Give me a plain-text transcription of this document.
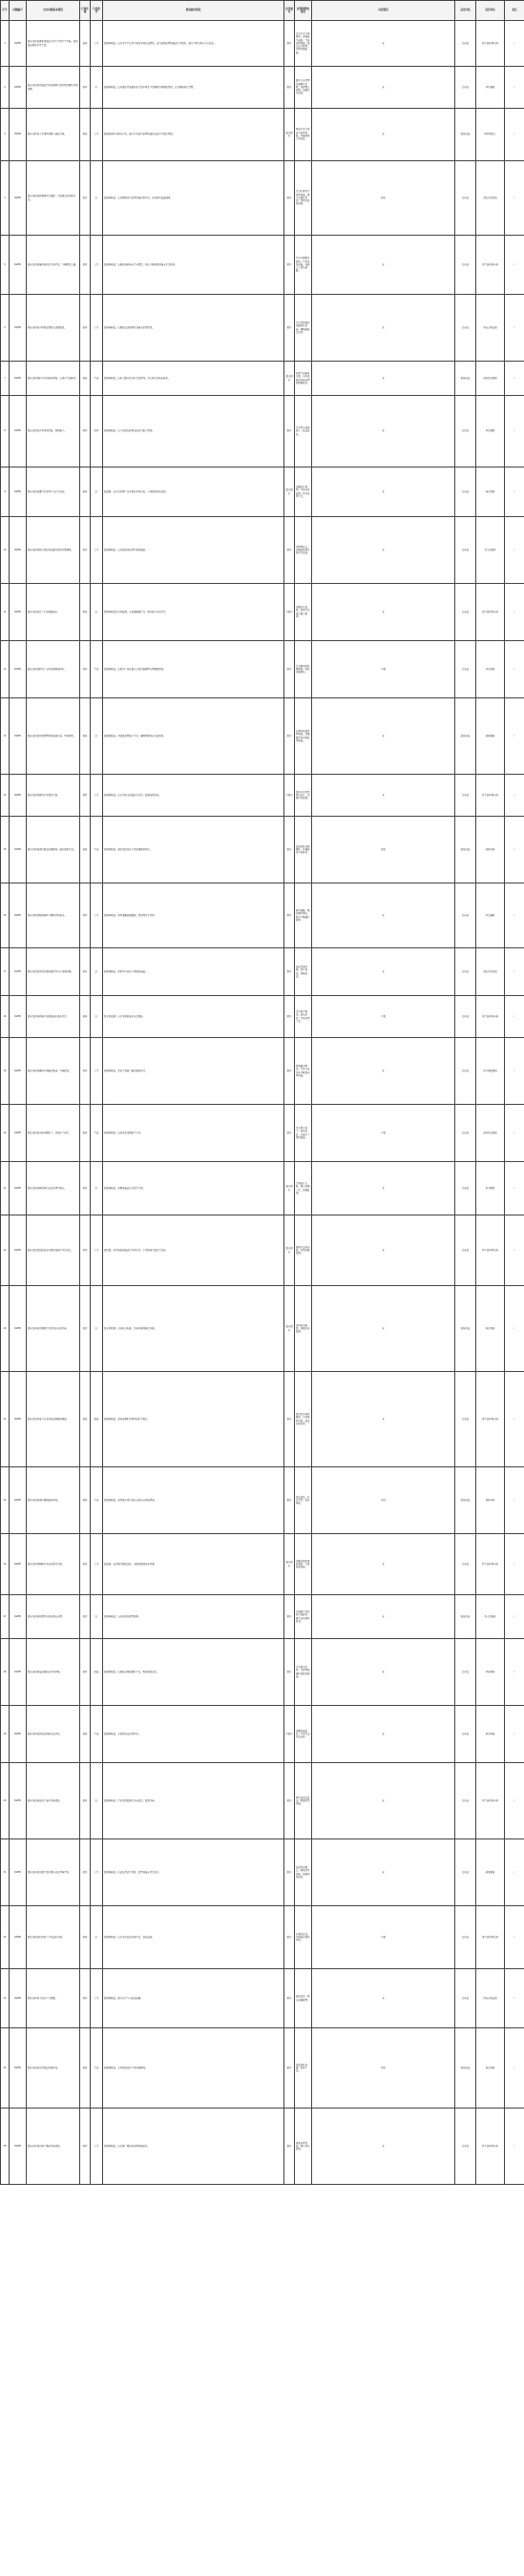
序号	问题编号	交办问题基本情况	行政区域	污染类型	调查核实情况	是否属实	处理和整改情况	问责情况	是否办结	责任单位	备注
1	D2HB	群众反映某镇某村附近企业生产时产生异味，影响周边居民正常生活。	某县	大气	经现场核查，该企业生产过程中存在异味外溢情况，废气收集处理设施运行不稳定，部分车间门窗未完全密闭。	属实	责令企业立即整改，加强废气收集，完善处理设施，规范运行管理，定期开展监测。	无	已办结	县生态环境分局	/
2	D2HB	群众反映某河道沿岸存在倾倒生活垃圾及建筑垃圾现象。	某区	水	经现场核查，该河道沿岸局部存在生活垃圾及少量建筑垃圾堆放情况，已对现场进行清理。	属实	组织人员清理河道两岸垃圾，设置警示标牌，加强日常巡查。	无	已办结	区住建局	/
3	D2HB	群众反映某工业园区夜间有刺鼻气味。	某县	大气	经排查园区内相关企业，部分企业废气治理设施存在运行不规范情况。	部分属实	督促企业完善废气治理设施，开展夜间专项巡查。	无	阶段办结	园区管委会	/
4	D2HB	群众反映某养殖场粪污直排，污染周边农田和水沟。	某乡	水	经现场核查，该养殖场粪污处理设施容量不足，存在雨天溢流现象。	属实	责令扩建粪污处理设施，规范资源化利用，清理受影响沟渠。	约谈	已办结	县农业农村局	/
5	D2HB	群众反映某搅拌站粉尘污染严重，车辆带泥上路。	某区	大气	经现场核查，该搅拌站料场未完全覆盖，进出车辆冲洗设施未正常使用。	属实	责令全面覆盖料场，启用冲洗设施，安排专人清扫道路。	无	已办结	区生态环境分局	/
6	D2HB	群众反映某小区附近餐饮店油烟扰民。	某区	大气	经现场核查，该餐饮店油烟净化设施未定期清洗。	属实	责令清洗维护油烟净化设施，调整排放口位置。	无	已办结	区综合执法局	/
7	D2HB	群众反映某矿山开采破坏植被，未进行生态修复。	某县	生态	经现场核查，该矿山部分区域已完成复绿，仍有部分边坡未修复。	部分属实	制定生态修复方案，分阶段推进边坡治理和植被恢复。	无	阶段办结	县自然资源局	/
8	D2HB	群众反映某企业噪声扰民，夜间施工。	某区	噪声	经现场核查，该工地存在夜间未经许可施工情况。	属实	责令停止夜间施工，依法查处。	无	已办结	区住建局	/
9	D2HB	群众反映某镇污水处理厂出水不达标。	某县	水	经监测，该污水处理厂出水指标基本达标，个别时段存在波动。	部分属实	加强运行管理，完善在线监测，提升处理工艺。	无	已办结	县水务局	/
10	D2HB	群众反映某村庄周边存在露天焚烧垃圾现象。	某乡	大气	经现场核查，该村周边存在零星焚烧痕迹。	属实	清理焚烧点，加强宣传教育和日常巡查。	无	已办结	乡人民政府	/
11	D2HB	群众反映某化工企业偷排废水。	某县	水	经现场核查及采样监测，未发现偷排行为，雨水排口水质正常。	不属实	加强日常监管，督促企业规范排口管理。	无	已办结	县生态环境分局	/
12	D2HB	群众反映某砂石厂占用河道堆放砂石。	某区	生态	经现场核查，该砂石厂存在部分占用河道管理范围堆放情况。	属实	责令限期清除堆放物，恢复河道原貌。	立案	已办结	区水务局	/
13	D2HB	群众反映某垃圾填埋场渗滤液外溢，臭味明显。	某县	水	经现场核查，渗滤液处理能力不足，暴雨期间存在外溢风险。	属实	扩建渗滤液处理设施，加强覆盖作业和除臭措施。	无	阶段办结	县城管局	/
14	D2HB	群众反映某铸造企业烟尘污染。	某区	大气	经现场核查，该企业除尘设施运行正常，监测结果达标。	不属实	督促企业持续规范运行，加强日常监管。	无	已办结	区生态环境分局	/
15	D2HB	群众反映某湖泊周边违规建设，破坏湿地生态。	某县	生态	经现场核查，湖泊周边存在个别违规建设项目。	属实	依法拆除违规建筑，开展湿地生态修复。	约谈	阶段办结	县林业局	/
16	D2HB	群众反映某物流园区车辆噪声和扬尘。	某区	大气	经现场核查，园区道路局部破损，洒水降尘不及时。	属实	修复道路，增加洒水频次，规范车辆通行时间。	无	已办结	区交通局	/
17	D2HB	群众反映某饮用水源地保护区内有违规养殖。	某乡	水	经现场核查，保护区内存在少量散养畜禽。	属实	依法清退养殖，设立界标，加强巡查。	无	已办结	县农业农村局	/
18	D2HB	群众反映某印染企业排放废水颜色异常。	某县	水	经采样监测，该企业排放废水色度超标。	属实	责令停产整治，依法处罚，完善处理工艺。	立案	已办结	县生态环境分局	/
19	D2HB	群众反映某建材市场露天喷漆，异味扰民。	某区	大气	经现场核查，存在个别商户露天喷漆作业。	属实	取缔露天喷漆，引导入室作业并配套治理设施。	无	已办结	区市场监管局	/
20	D2HB	群众反映某山体违规取土，造成水土流失。	某县	生态	经现场核查，该处存在违规取土行为。	属实	责令停止取土，依法查处，实施水土保持措施。	立案	已办结	县自然资源局	/
21	D2HB	群众反映某医院医疗废水处理不规范。	某区	水	经现场核查，消毒设施运行记录不完善。	部分属实	完善运行台账，规范消毒工艺，加强监测。	无	已办结	区卫健委	/
22	D2HB	群众反映某加油站油气回收设施不正常运行。	某区	大气	经检测，油气回收设施运行基本正常，个别油枪气液比不达标。	部分属实	更换不达标油枪，定期开展检测。	无	已办结	区生态环境分局	/
23	D2HB	群众反映某乡镇集中式饮用水水质异味。	某乡	水	经采样检测，水质符合标准，异味系管网老化所致。	部分属实	改造老旧管网，加强水质监测。	无	阶段办结	县水务局	/
24	D2HB	群众反映某电子企业危险废物随意堆放。	某县	固废	经现场核查，危险废物贮存场所标识不规范。	属实	规范贮存场所建设，完善管理台账，依法转移处置。	无	已办结	县生态环境分局	/
25	D2HB	群众反映某景区建设破坏林地。	某县	生态	经现场核查，景区部分项目存在未批先占林地情况。	属实	依法查处，补办手续，恢复植被。	问责	阶段办结	县林业局	/
26	D2HB	群众反映某陶瓷企业窑炉烟气污染。	某区	大气	经监测，窑炉烟气排放达标，无组织排放存在问题。	部分属实	加强无组织排放管控，完善收集设施。	无	已办结	区生态环境分局	/
27	D2HB	群众反映某村黑臭水体长期未治理。	某乡	水	经现场核查，该水体存在黑臭现象。	属实	实施截污清淤和生态修复，建立长效管护机制。	无	阶段办结	乡人民政府	/
28	D2HB	群众反映某废品回收站污染环境。	某区	固废	经现场核查，该回收站场地硬化不足，物品堆放杂乱。	属实	责令规范经营，完善场地硬化和防渗措施。	无	已办结	区商务局	/
29	D2HB	群众反映某河段采砂船非法作业。	某县	生态	经现场核查，未发现非法采砂作业。	不属实	加强河道巡查，严厉打击非法采砂。	无	已办结	县水务局	/
30	D2HB	群众反映某食品厂废水异味扰民。	某区	水	经现场核查，污水处理站调节池未加盖，散发异味。	属实	调节池加盖密闭，配套除臭设施。	无	已办结	区生态环境分局	/
31	D2HB	群众反映某乡镇生活垃圾转运站臭味严重。	某乡	大气	经现场核查，转运站清运不及时，除臭设施未正常运行。	属实	提高清运频次，修复除臭设施，加强冲洗消杀。	无	已办结	县城管局	/
32	D2HB	群众反映某石材加工企业废水外排。	某县	水	经现场核查，该企业沉淀池容量不足，存在溢流。	属实	扩建沉淀池，实现废水循环利用。	立案	已办结	县生态环境分局	/
33	D2HB	群众反映某工地渣土车遗撒。	某区	大气	经现场核查，部分渣土车未密闭运输。	属实	依法处罚，规范运输管理。	无	已办结	区综合执法局	/
34	D2HB	群众反映某水库周边违规开发。	某县	生态	经现场核查，水库周边存在少量违规建设。	属实	依法拆除违建，恢复生态。	约谈	阶段办结	县水务局	/
35	D2HB	群众反映某汽修厂喷漆异味扰民。	某区	大气	经现场核查，该汽修厂喷漆房治理设施老化。	属实	更新治理设施，规范作业时间。	无	已办结	区生态环境分局	/
